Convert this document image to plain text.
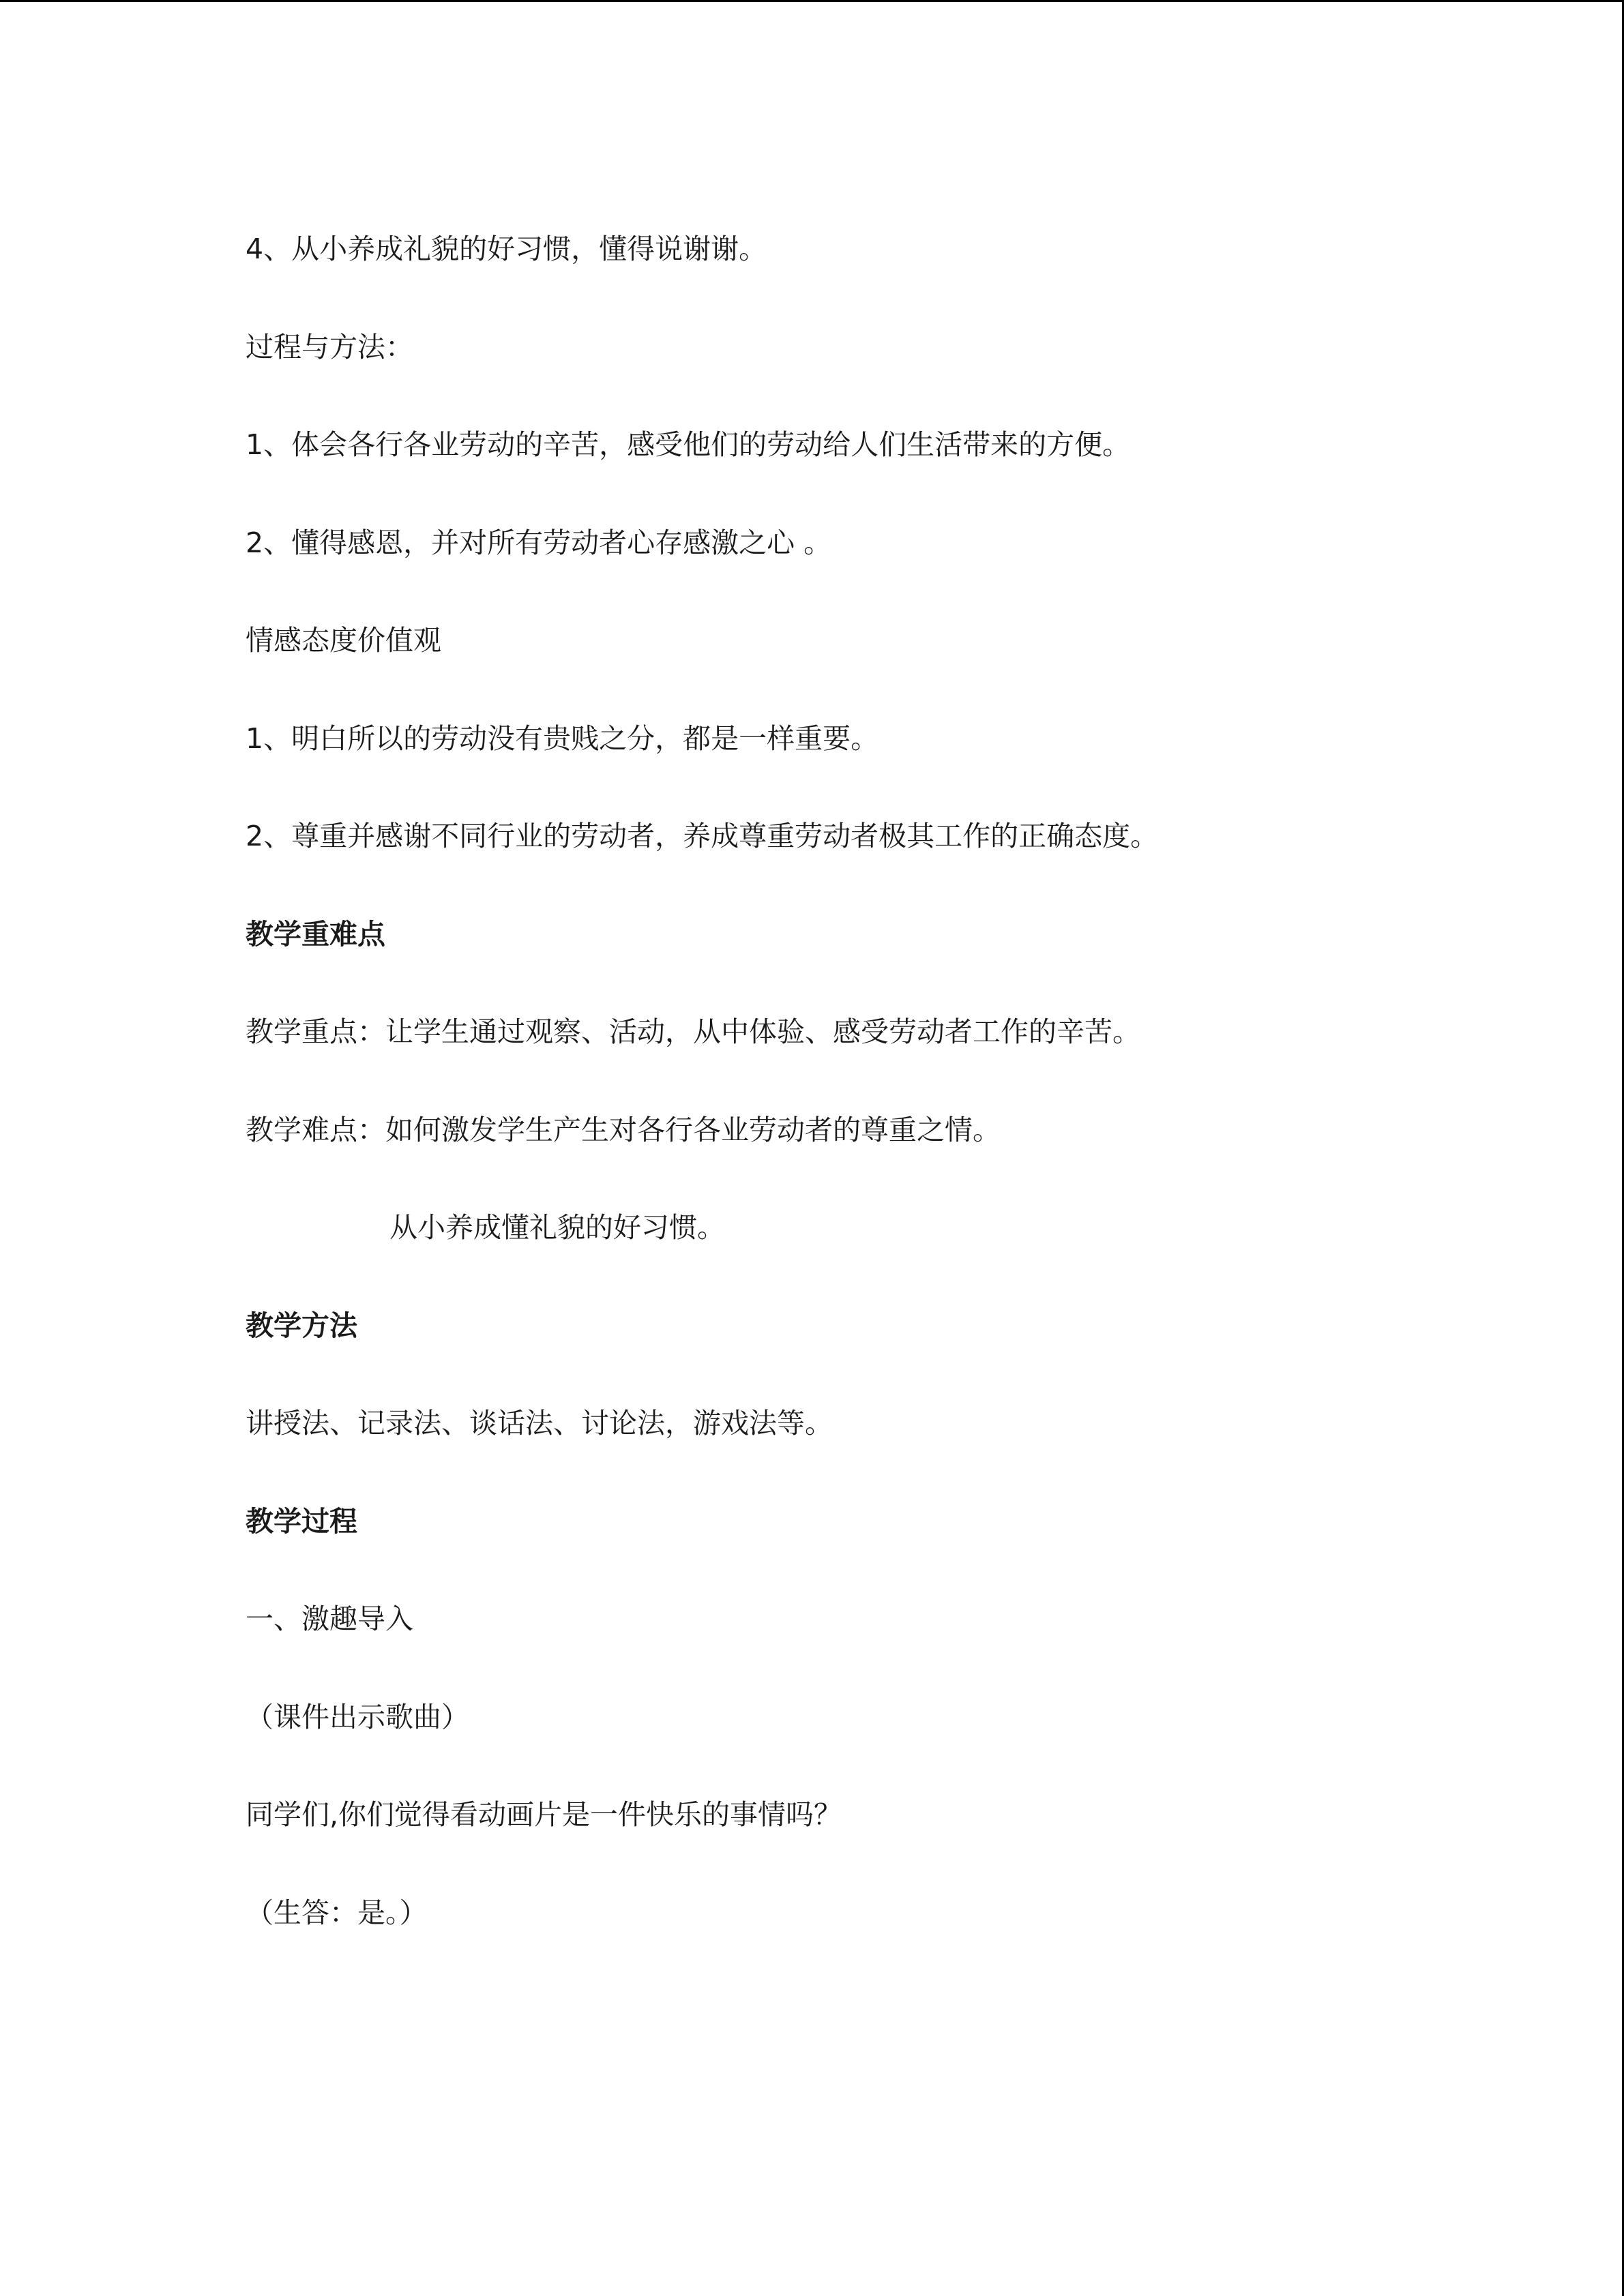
4、从小养成礼貌的好习惯，懂得说谢谢。
过程与方法：
1、体会各行各业劳动的辛苦，感受他们的劳动给人们生活带来的方便。
2、懂得感恩，并对所有劳动者心存感激之心 。
情感态度价值观
1、明白所以的劳动没有贵贱之分，都是一样重要。
2、尊重并感谢不同行业的劳动者，养成尊重劳动者极其工作的正确态度。
教学重难点
教学重点：让学生通过观察、活动，从中体验、感受劳动者工作的辛苦。
教学难点：如何激发学生产生对各行各业劳动者的尊重之情。
从小养成懂礼貌的好习惯。
教学方法
讲授法、记录法、谈话法、讨论法，游戏法等。
教学过程
一、激趣导入
（课件出示歌曲）
同学们,你们觉得看动画片是一件快乐的事情吗？
（生答：是。）
